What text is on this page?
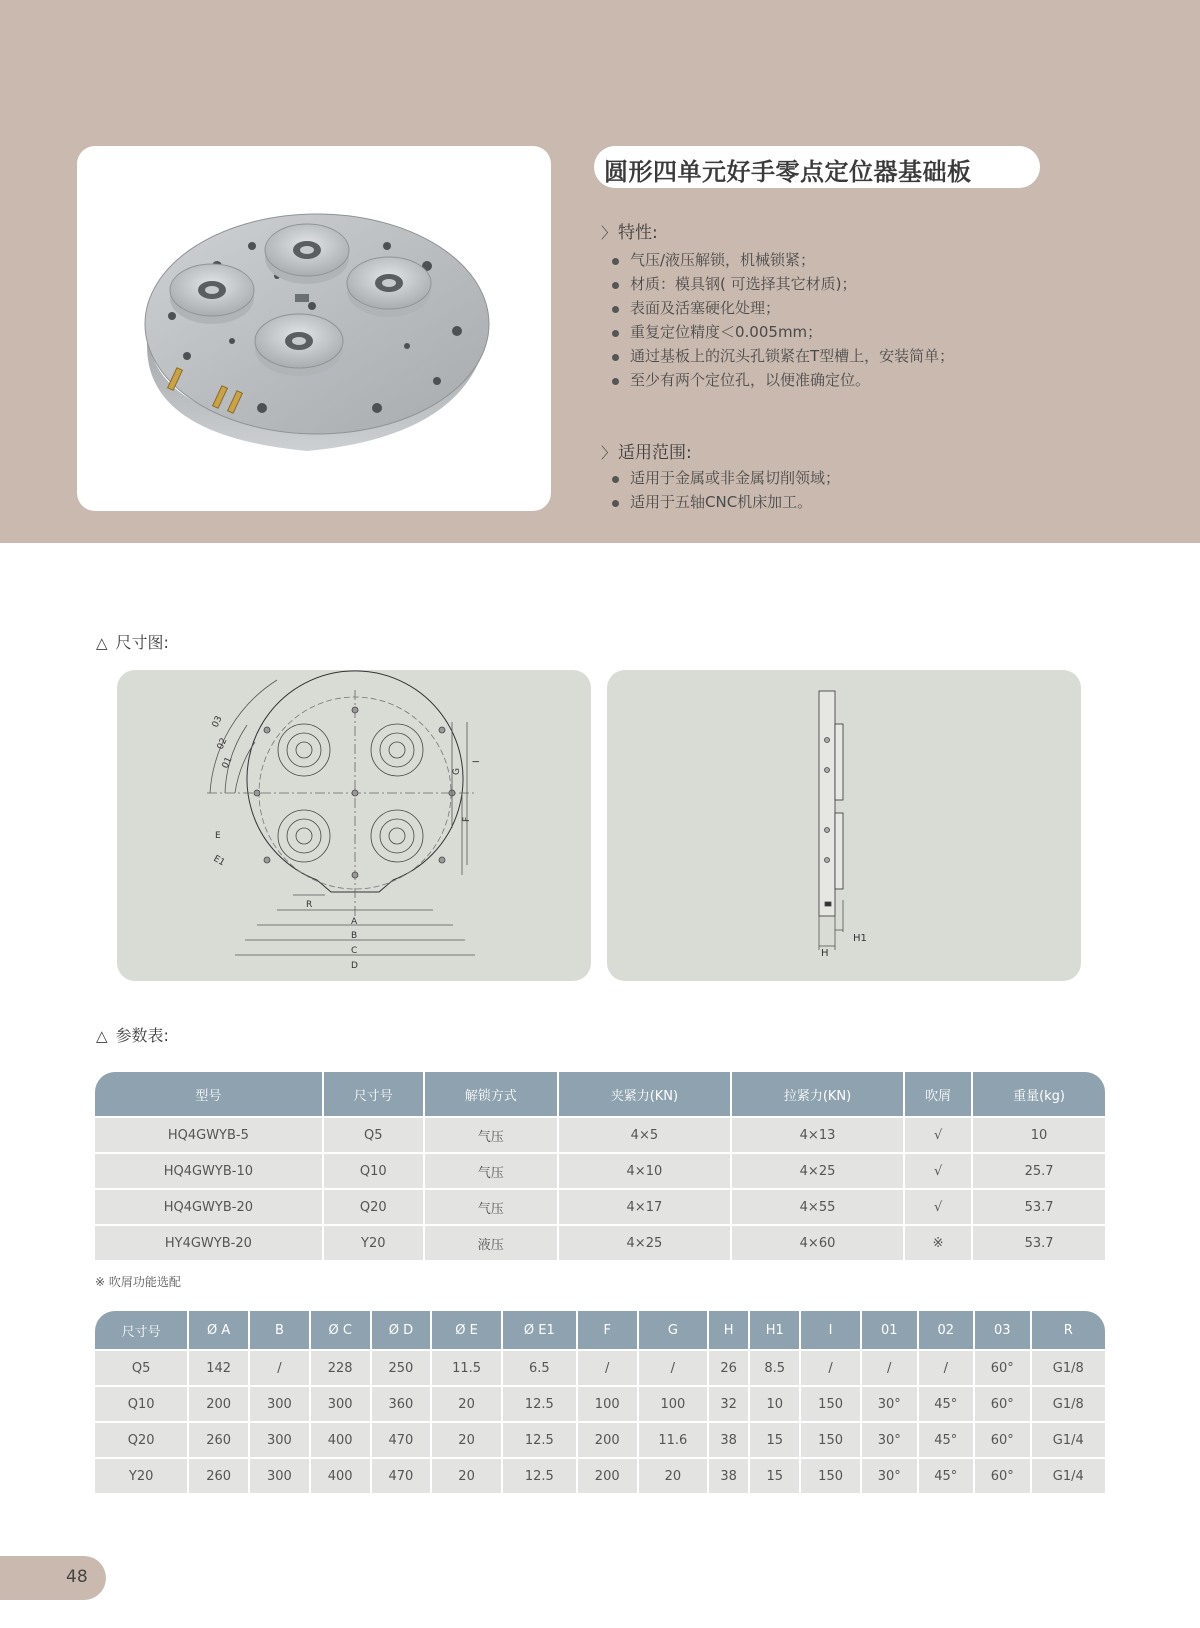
圆形四单元好手零点定位器基础板
〉 特性:
气压/液压解锁，机械锁紧；
材质：模具钢( 可选择其它材质)；
表面及活塞硬化处理；
重复定位精度＜0.005mm；
通过基板上的沉头孔锁紧在T型槽上，安装简单；
至少有两个定位孔，以便准确定位。
〉 适用范围:
适用于金属或非金属切削领域；
适用于五轴CNC机床加工。
△ 尺寸图:
03
02
01
G
I
F
E
E1
R
A
B
C
D
H1
H
△ 参数表:
型号	尺寸号	解锁方式	夹紧力(KN)	拉紧力(KN)	吹屑	重量(kg)
HQ4GWYB-5	Q5	气压	4×5	4×13	√	10
HQ4GWYB-10	Q10	气压	4×10	4×25	√	25.7
HQ4GWYB-20	Q20	气压	4×17	4×55	√	53.7
HY4GWYB-20	Y20	液压	4×25	4×60	※	53.7
※ 吹屑功能选配
尺寸号	Ø A	B	Ø C	Ø D	Ø E	Ø E1	F	G	H	H1	I	01	02	03	R
Q5	142	/	228	250	11.5	6.5	/	/	26	8.5	/	/	/	60°	G1/8
Q10	200	300	300	360	20	12.5	100	100	32	10	150	30°	45°	60°	G1/8
Q20	260	300	400	470	20	12.5	200	11.6	38	15	150	30°	45°	60°	G1/4
Y20	260	300	400	470	20	12.5	200	20	38	15	150	30°	45°	60°	G1/4
48
